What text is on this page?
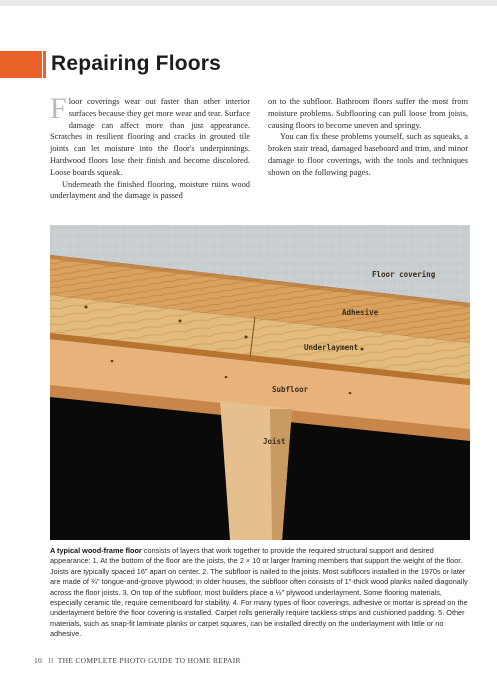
Repairing Floors

Floor coverings wear out faster than other interior surfaces because they get more wear and tear. Surface damage can affect more than just appearance. Scratches in resilient flooring and cracks in grouted tile joints can let moisture into the floor's underpinnings. Hardwood floors lose their finish and become discolored. Loose boards squeak.

Underneath the finished flooring, moisture ruins wood underlayment and the damage is passed

on to the subfloor. Bathroom floors suffer the most from moisture problems. Subflooring can pull loose from joists, causing floors to become uneven and springy.

You can fix these problems yourself, such as squeaks, a broken stair tread, damaged baseboard and trim, and minor damage to floor coverings, with the tools and techniques shown on the following pages.

Floor covering
Adhesive
Underlayment
Subfloor
Joist
A typical wood-frame floor consists of layers that work together to provide the required structural support and desired appearance: 1. At the bottom of the floor are the joists, the 2 × 10 or larger framing members that support the weight of the floor. Joists are typically spaced 16" apart on center. 2. The subfloor is nailed to the joists. Most subfloors installed in the 1970s or later are made of ¾" tongue-and-groove plywood; in older houses, the subfloor often consists of 1"-thick wood planks nailed diagonally across the floor joists. 3. On top of the subfloor, most builders place a ½" plywood underlayment. Some flooring materials, especially ceramic tile, require cementboard for stability. 4. For many types of floor coverings, adhesive or mortar is spread on the underlayment before the floor covering is installed. Carpet rolls generally require tackless strips and cushioned padding. 5. Other materials, such as snap-fit laminate planks or carpet squares, can be installed directly on the underlayment with little or no adhesive.
10 II THE COMPLETE PHOTO GUIDE TO HOME REPAIR
